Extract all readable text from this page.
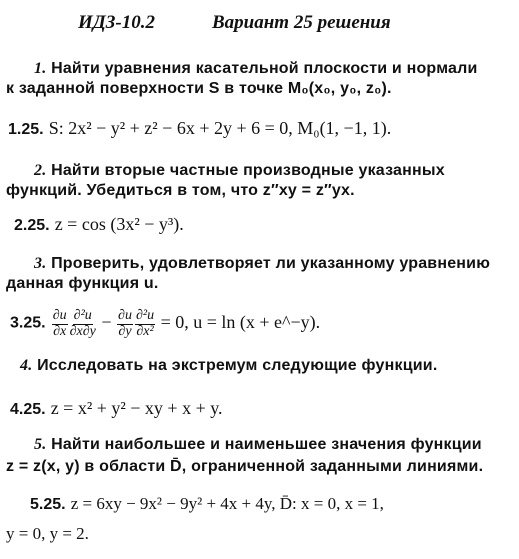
ИДЗ-10.2	Вариант 25 решения
1. Найти уравнения касательной плоскости и нормали
к заданной поверхности S в точке M₀(x₀, y₀, z₀).
1.25. S: 2x² − y² + z² − 6x + 2y + 6 = 0, M₀(1, −1, 1).
2. Найти вторые частные производные указанных
функций. Убедиться в том, что z″xy = z″yx.
2.25. z = cos (3x² − y³).
3. Проверить, удовлетворяет ли указанному уравнению
данная функция u.
3.25. $\frac{\partial u}{\partial x} \frac{\text{∂²u}}{\partial x\partial y} - \frac{\partial u}{\partial y} \frac{\text{∂²u}}{\text{∂x²}} = 0$, u = ln (x + e^−y).
4. Исследовать на экстремум следующие функции.
4.25. z = x² + y² − xy + x + y.
5. Найти наибольшее и наименьшее значения функции
z = z(x, y) в области D̄, ограниченной заданными линиями.
5.25. z = 6xy − 9x² − 9y² + 4x + 4y, D̄: x = 0, x = 1,
y = 0, y = 2.
